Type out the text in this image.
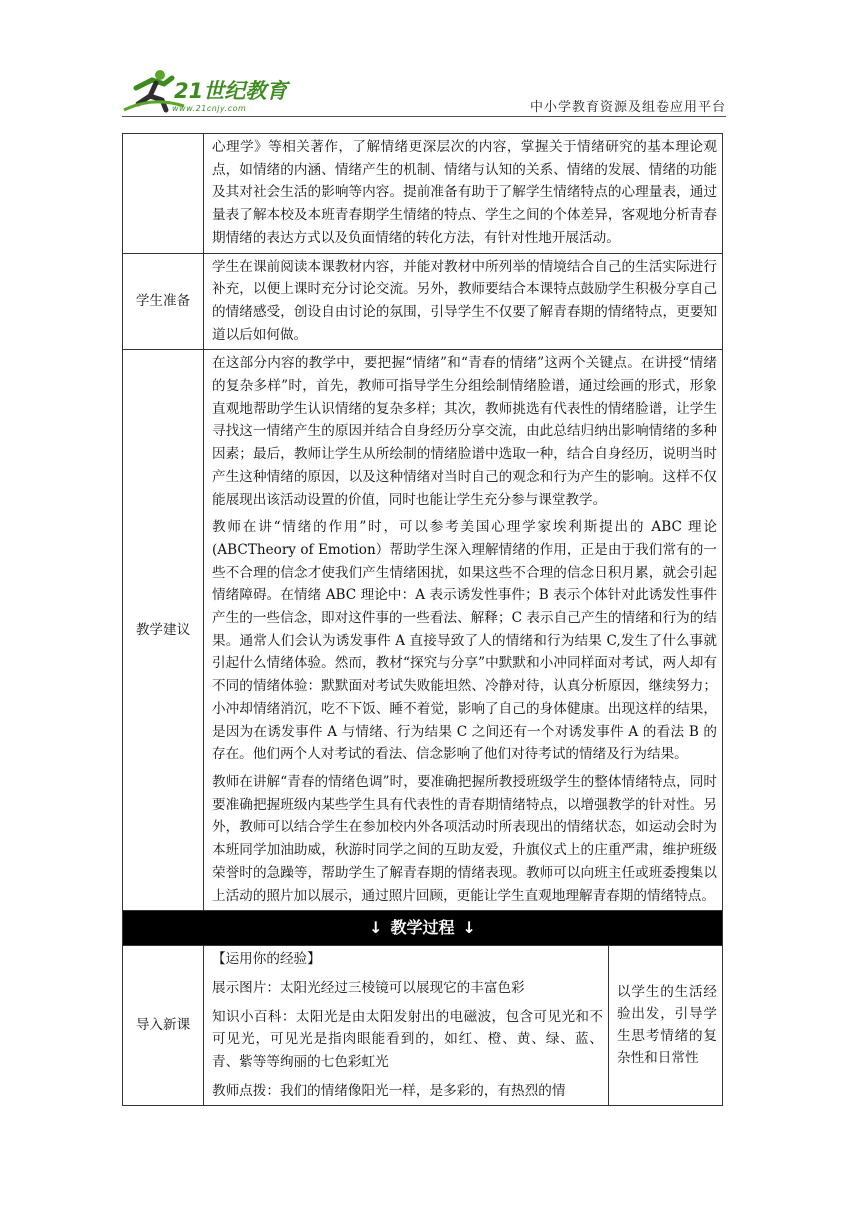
21世纪教育
www.21cnjy.com	中小学教育资源及组卷应用平台

	心理学》等相关著作，了解情绪更深层次的内容，掌握关于情绪研究的基本理论观点，如情绪的内涵、情绪产生的机制、情绪与认知的关系、情绪的发展、情绪的功能及其对社会生活的影响等内容。提前准备有助于了解学生情绪特点的心理量表，通过量表了解本校及本班青春期学生情绪的特点、学生之间的个体差异，客观地分析青春期情绪的表达方式以及负面情绪的转化方法，有针对性地开展活动。	

学生准备	学生在课前阅读本课教材内容，并能对教材中所列举的情境结合自己的生活实际进行补充，以便上课时充分讨论交流。另外，教师要结合本课特点鼓励学生积极分享自己的情绪感受，创设自由讨论的氛围，引导学生不仅要了解青春期的情绪特点，更要知道以后如何做。	

教学建议	在这部分内容的教学中，要把握“情绪”和“青春的情绪”这两个关键点。在讲授“情绪的复杂多样”时，首先，教师可指导学生分组绘制情绪脸谱，通过绘画的形式，形象直观地帮助学生认识情绪的复杂多样；其次，教师挑选有代表性的情绪脸谱，让学生寻找这一情绪产生的原因并结合自身经历分享交流，由此总结归纳出影响情绪的多种因素；最后，教师让学生从所绘制的情绪脸谱中选取一种，结合自身经历，说明当时产生这种情绪的原因，以及这种情绪对当时自己的观念和行为产生的影响。这样不仅能展现出该活动设置的价值，同时也能让学生充分参与课堂教学。

教师在讲“情绪的作用”时，可以参考美国心理学家埃利斯提出的 ABC 理论 (ABCTheory of Emotion）帮助学生深入理解情绪的作用，正是由于我们常有的一些不合理的信念才使我们产生情绪困扰，如果这些不合理的信念日积月累，就会引起情绪障碍。在情绪 ABC 理论中：A 表示诱发性事件；B 表示个体针对此诱发性事件产生的一些信念，即对这件事的一些看法、解释；C 表示自己产生的情绪和行为的结果。通常人们会认为诱发事件 A 直接导致了人的情绪和行为结果 C,发生了什么事就引起什么情绪体验。然而，教材“探究与分享”中默默和小冲同样面对考试，两人却有不同的情绪体验：默默面对考试失败能坦然、冷静对待，认真分析原因，继续努力；小冲却情绪消沉，吃不下饭、睡不着觉，影响了自己的身体健康。出现这样的结果，是因为在诱发事件 A 与情绪、行为结果 C 之间还有一个对诱发事件 A 的看法 B 的存在。他们两个人对考试的看法、信念影响了他们对待考试的情绪及行为结果。

教师在讲解“青春的情绪色调”时，要准确把握所教授班级学生的整体情绪特点，同时要准确把握班级内某些学生具有代表性的青春期情绪特点，以增强教学的针对性。另外，教师可以结合学生在参加校内外各项活动时所表现出的情绪状态，如运动会时为本班同学加油助威，秋游时同学之间的互助友爱，升旗仪式上的庄重严肃，维护班级荣誉时的急躁等，帮助学生了解青春期的情绪表现。教师可以向班主任或班委搜集以上活动的照片加以展示，通过照片回顾，更能让学生直观地理解青春期的情绪特点。	

↓ 教学过程 ↓		
导入新课	【运用你的经验】

展示图片：太阳光经过三棱镜可以展现它的丰富色彩

知识小百科：太阳光是由太阳发射出的电磁波，包含可见光和不可见光，可见光是指肉眼能看到的，如红、橙、黄、绿、蓝、青、紫等等绚丽的七色彩虹光

教师点拨：我们的情绪像阳光一样，是多彩的，有热烈的情	以学生的生活经验出发，引导学生思考情绪的复杂性和日常性
